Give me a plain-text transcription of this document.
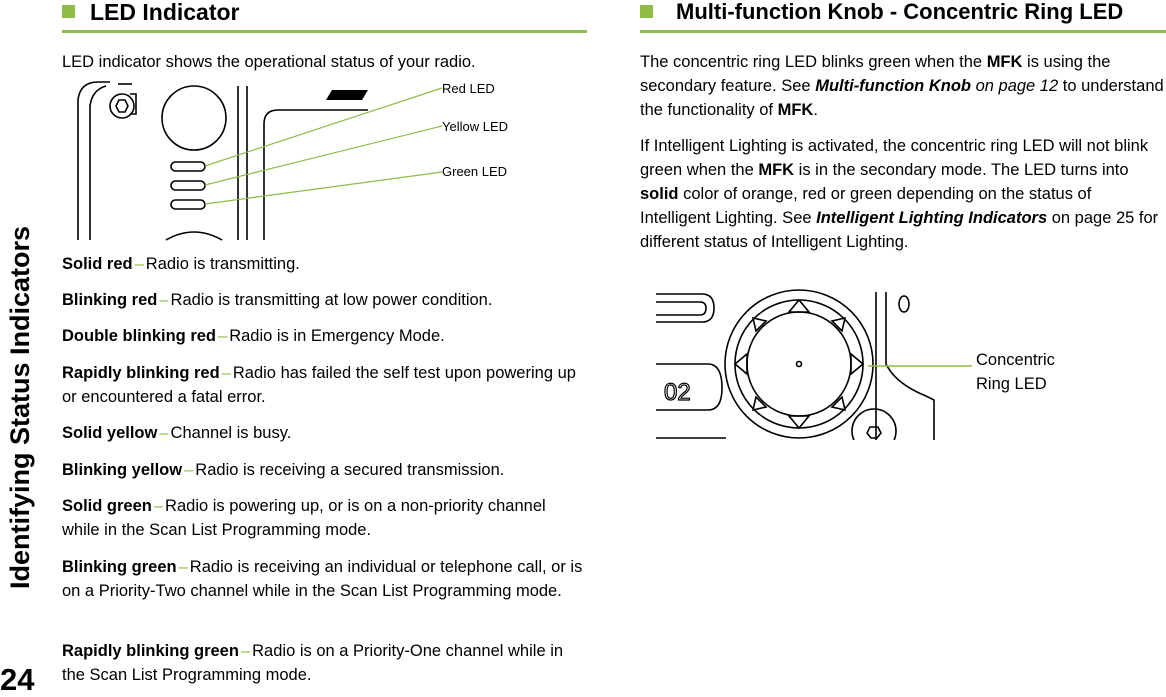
Identifying Status Indicators
24
LED Indicator

LED indicator shows the operational status of your radio.

Red LED
Yellow LED
Green LED

Solid red – Radio is transmitting.

Blinking red – Radio is transmitting at low power condition.

Double blinking red – Radio is in Emergency Mode.

Rapidly blinking red – Radio has failed the self test upon powering up or encountered a fatal error.

Solid yellow – Channel is busy.

Blinking yellow – Radio is receiving a secured transmission.

Solid green – Radio is powering up, or is on a non-priority channel while in the Scan List Programming mode.

Blinking green – Radio is receiving an individual or telephone call, or is on a Priority-Two channel while in the Scan List Programming mode.

Rapidly blinking green – Radio is on a Priority-One channel while in the Scan List Programming mode.

Multi-function Knob - Concentric Ring LED

The concentric ring LED blinks green when the MFK is using the secondary feature. See Multi-function Knob on page 12 to understand the functionality of MFK.

If Intelligent Lighting is activated, the concentric ring LED will not blink green when the MFK is in the secondary mode. The LED turns into solid color of orange, red or green depending on the status of Intelligent Lighting. See Intelligent Lighting Indicators on page 25 for different status of Intelligent Lighting.

02
Concentric
Ring LED
